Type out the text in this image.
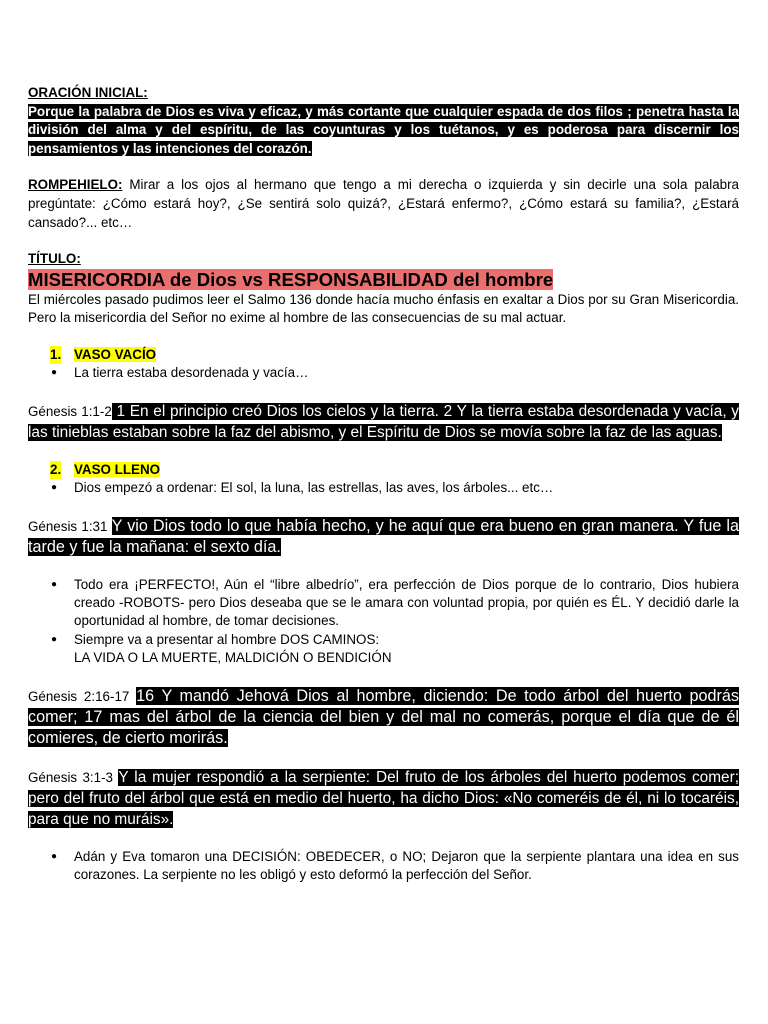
ORACIÓN INICIAL:

Porque la palabra de Dios es viva y eficaz, y más cortante que cualquier espada de dos filos ; penetra hasta la división del alma y del espíritu, de las coyunturas y los tuétanos, y es poderosa para discernir los pensamientos y las intenciones del corazón.

ROMPEHIELO: Mirar a los ojos al hermano que tengo a mi derecha o izquierda y sin decirle una sola palabra pregúntate: ¿Cómo estará hoy?, ¿Se sentirá solo quizá?, ¿Estará enfermo?, ¿Cómo estará su familia?, ¿Estará cansado?... etc…

TÍTULO:

MISERICORDIA de Dios vs RESPONSABILIDAD del hombre

El miércoles pasado pudimos leer el Salmo 136 donde hacía mucho énfasis en exaltar a Dios por su Gran Misericordia. Pero la misericordia del Señor no exime al hombre de las consecuencias de su mal actuar.

1. VASO VACÍO
● La tierra estaba desordenada y vacía…

Génesis 1:1-2 1 En el principio creó Dios los cielos y la tierra. 2 Y la tierra estaba desordenada y vacía, y las tinieblas estaban sobre la faz del abismo, y el Espíritu de Dios se movía sobre la faz de las aguas.

2. VASO LLENO
● Dios empezó a ordenar: El sol, la luna, las estrellas, las aves, los árboles... etc…

Génesis 1:31 Y vio Dios todo lo que había hecho, y he aquí que era bueno en gran manera. Y fue la tarde y fue la mañana: el sexto día.

● Todo era ¡PERFECTO!, Aún el “libre albedrío”, era perfección de Dios porque de lo contrario, Dios hubiera creado -ROBOTS- pero Dios deseaba que se le amara con voluntad propia, por quién es ÉL. Y decidió darle la oportunidad al hombre, de tomar decisiones.
● Siempre va a presentar al hombre DOS CAMINOS:
LA VIDA O LA MUERTE, MALDICIÓN O BENDICIÓN

Génesis 2:16-17 16 Y mandó Jehová Dios al hombre, diciendo: De todo árbol del huerto podrás comer; 17 mas del árbol de la ciencia del bien y del mal no comerás, porque el día que de él comieres, de cierto morirás.

Génesis 3:1-3 Y la mujer respondió a la serpiente: Del fruto de los árboles del huerto podemos comer; pero del fruto del árbol que está en medio del huerto, ha dicho Dios: «No comeréis de él, ni lo tocaréis, para que no muráis».

● Adán y Eva tomaron una DECISIÓN: OBEDECER, o NO; Dejaron que la serpiente plantara una idea en sus corazones. La serpiente no les obligó y esto deformó la perfección del Señor.
